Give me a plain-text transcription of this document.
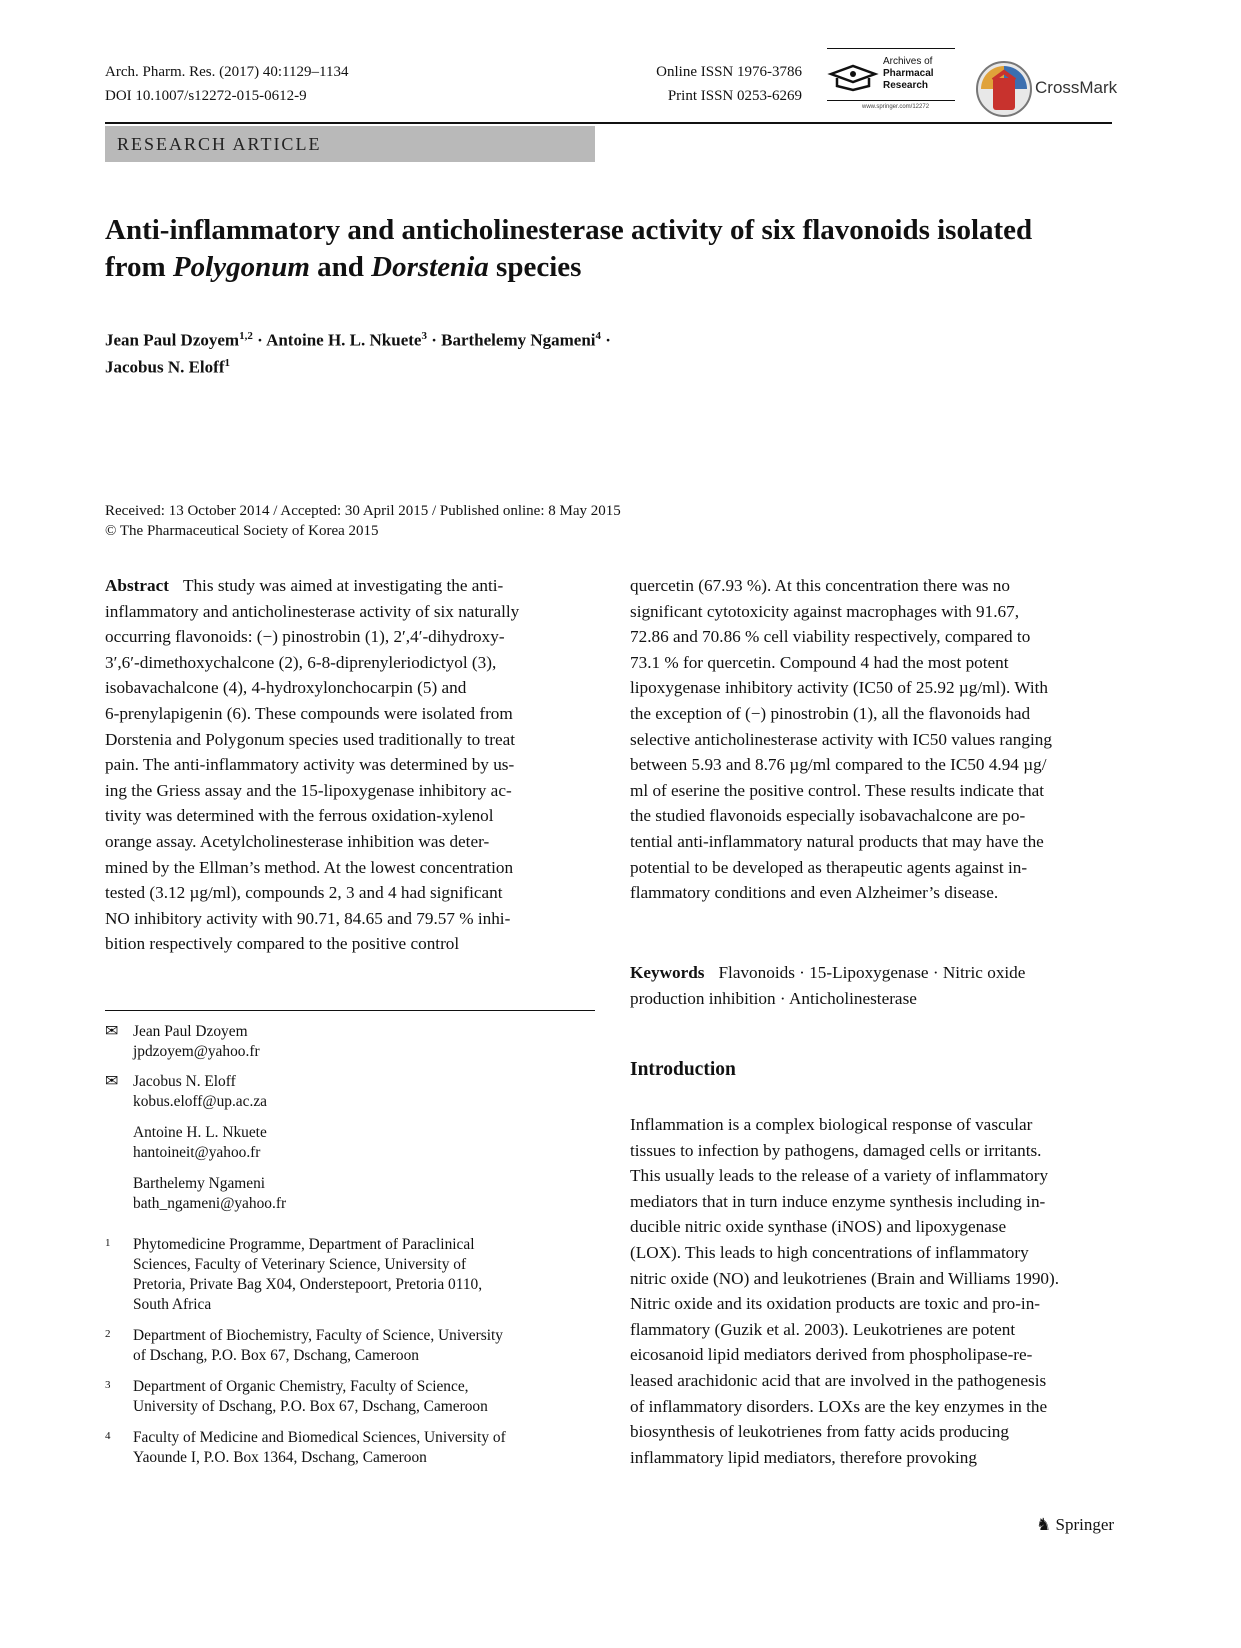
Arch. Pharm. Res. (2017) 40:1129–1134
DOI 10.1007/s12272-015-0612-9
Online ISSN 1976-3786
Print ISSN 0253-6269
Archives of
Pharmacal
Research
www.springer.com/12272
CrossMark
RESEARCH ARTICLE
Anti-inflammatory and anticholinesterase activity of six flavonoids isolated from Polygonum and Dorstenia species
Jean Paul Dzoyem$^{1,2}$ · Antoine H. L. Nkuete$^3$ · Barthelemy Ngameni$^4$ ·
Jacobus N. Eloff$^1$
Received: 13 October 2014 / Accepted: 30 April 2015 / Published online: 8 May 2015
© The Pharmaceutical Society of Korea 2015
Abstract This study was aimed at investigating the anti-
inflammatory and anticholinesterase activity of six naturally
occurring flavonoids: (−) pinostrobin (1), 2′,4′-dihydroxy-
3′,6′-dimethoxychalcone (2), 6-8-diprenyleriodictyol (3),
isobavachalcone (4), 4-hydroxylonchocarpin (5) and
6-prenylapigenin (6). These compounds were isolated from
Dorstenia and Polygonum species used traditionally to treat
pain. The anti-inflammatory activity was determined by us-
ing the Griess assay and the 15-lipoxygenase inhibitory ac-
tivity was determined with the ferrous oxidation-xylenol
orange assay. Acetylcholinesterase inhibition was deter-
mined by the Ellman’s method. At the lowest concentration
tested (3.12 µg/ml), compounds 2, 3 and 4 had significant
NO inhibitory activity with 90.71, 84.65 and 79.57 % inhi-
bition respectively compared to the positive control
quercetin (67.93 %). At this concentration there was no
significant cytotoxicity against macrophages with 91.67,
72.86 and 70.86 % cell viability respectively, compared to
73.1 % for quercetin. Compound 4 had the most potent
lipoxygenase inhibitory activity (IC50 of 25.92 µg/ml). With
the exception of (−) pinostrobin (1), all the flavonoids had
selective anticholinesterase activity with IC50 values ranging
between 5.93 and 8.76 µg/ml compared to the IC50 4.94 µg/
ml of eserine the positive control. These results indicate that
the studied flavonoids especially isobavachalcone are po-
tential anti-inflammatory natural products that may have the
potential to be developed as therapeutic agents against in-
flammatory conditions and even Alzheimer’s disease.
Keywords Flavonoids · 15-Lipoxygenase · Nitric oxide
production inhibition · Anticholinesterase
✉ Jean Paul Dzoyem
jpdzoyem@yahoo.fr
✉ Jacobus N. Eloff
kobus.eloff@up.ac.za
Antoine H. L. Nkuete
hantoineit@yahoo.fr
Barthelemy Ngameni
bath_ngameni@yahoo.fr
1	Phytomedicine Programme, Department of Paraclinical
Sciences, Faculty of Veterinary Science, University of
Pretoria, Private Bag X04, Onderstepoort, Pretoria 0110,
South Africa
2	Department of Biochemistry, Faculty of Science, University
of Dschang, P.O. Box 67, Dschang, Cameroon
3	Department of Organic Chemistry, Faculty of Science,
University of Dschang, P.O. Box 67, Dschang, Cameroon
4	Faculty of Medicine and Biomedical Sciences, University of
Yaounde I, P.O. Box 1364, Dschang, Cameroon
Introduction
Inflammation is a complex biological response of vascular
tissues to infection by pathogens, damaged cells or irritants.
This usually leads to the release of a variety of inflammatory
mediators that in turn induce enzyme synthesis including in-
ducible nitric oxide synthase (iNOS) and lipoxygenase
(LOX). This leads to high concentrations of inflammatory
nitric oxide (NO) and leukotrienes (Brain and Williams 1990).
Nitric oxide and its oxidation products are toxic and pro-in-
flammatory (Guzik et al. 2003). Leukotrienes are potent
eicosanoid lipid mediators derived from phospholipase-re-
leased arachidonic acid that are involved in the pathogenesis
of inflammatory disorders. LOXs are the key enzymes in the
biosynthesis of leukotrienes from fatty acids producing
inflammatory lipid mediators, therefore provoking
♞ Springer
